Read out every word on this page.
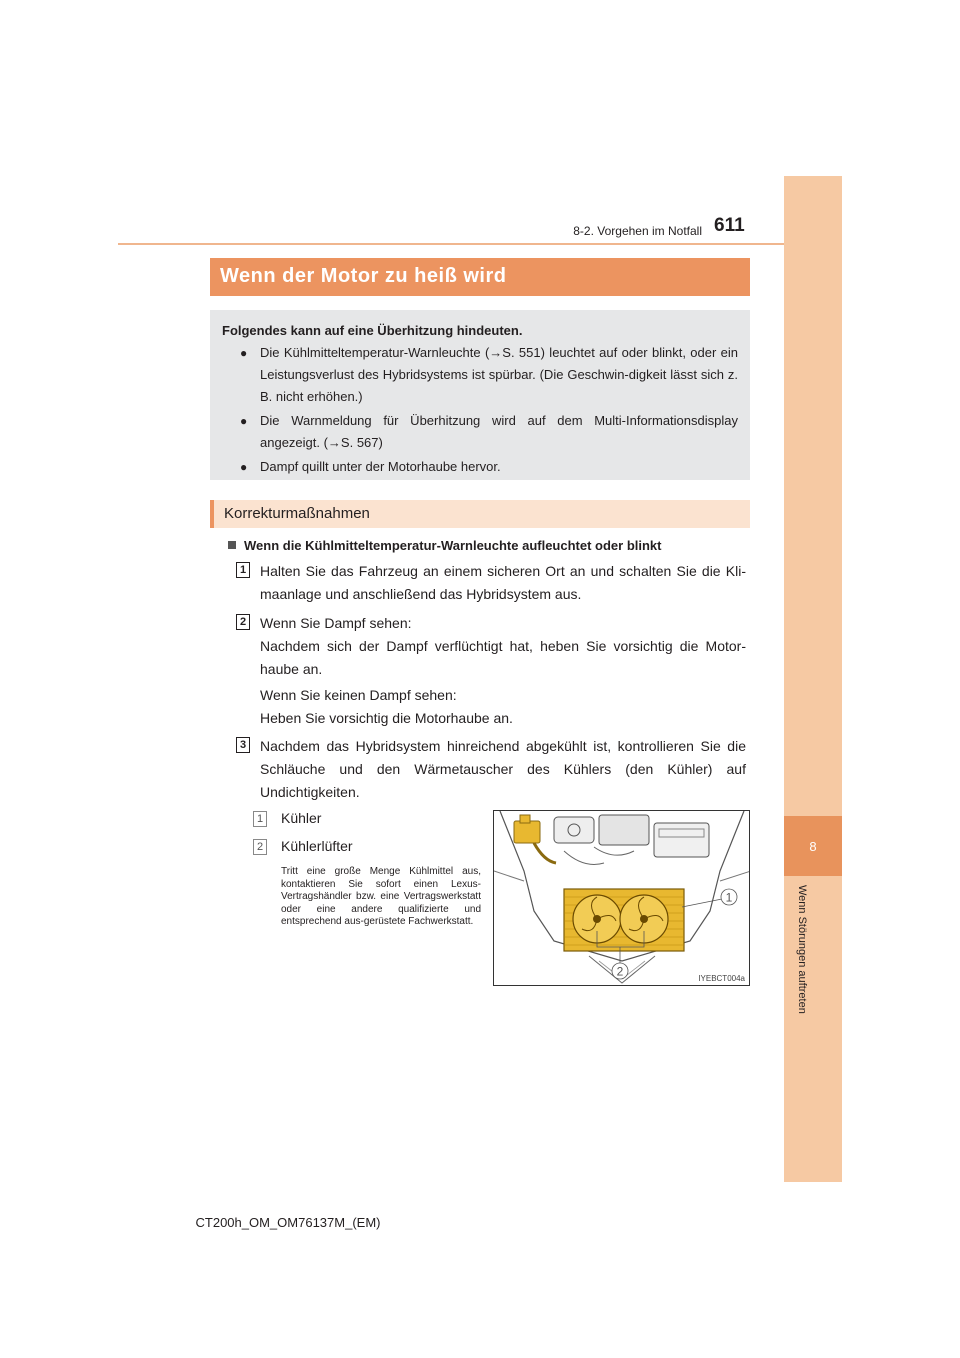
8
Wenn Störungen auftreten
8-2. Vorgehen im Notfall 611
Wenn der Motor zu heiß wird
Folgendes kann auf eine Überhitzung hindeuten.
● Die Kühlmitteltemperatur-Warnleuchte (→S. 551) leuchtet auf oder blinkt, oder ein Leistungsverlust des Hybridsystems ist spürbar. (Die Geschwin-digkeit lässt sich z. B. nicht erhöhen.)
● Die Warnmeldung für Überhitzung wird auf dem Multi-Informationsdisplay angezeigt. (→S. 567)
● Dampf quillt unter der Motorhaube hervor.
Korrekturmaßnahmen
Wenn die Kühlmitteltemperatur-Warnleuchte aufleuchtet oder blinkt
1 Halten Sie das Fahrzeug an einem sicheren Ort an und schalten Sie die Kli-maanlage und anschließend das Hybridsystem aus.
2 Wenn Sie Dampf sehen:
Nachdem sich der Dampf verflüchtigt hat, heben Sie vorsichtig die Motor-haube an.
Wenn Sie keinen Dampf sehen:
Heben Sie vorsichtig die Motorhaube an.
3 Nachdem das Hybridsystem hinreichend abgekühlt ist, kontrollieren Sie die Schläuche und den Wärmetauscher des Kühlers (den Kühler) auf Undichtigkeiten.
1 Kühler
2 Kühlerlüfter
Tritt eine große Menge Kühlmittel aus, kontaktieren Sie sofort einen Lexus-Vertragshändler bzw. eine Vertragswerkstatt oder eine andere qualifizierte und entsprechend aus-gerüstete Fachwerkstatt.
1
2	IYEBCT004a
CT200h_OM_OM76137M_(EM)
